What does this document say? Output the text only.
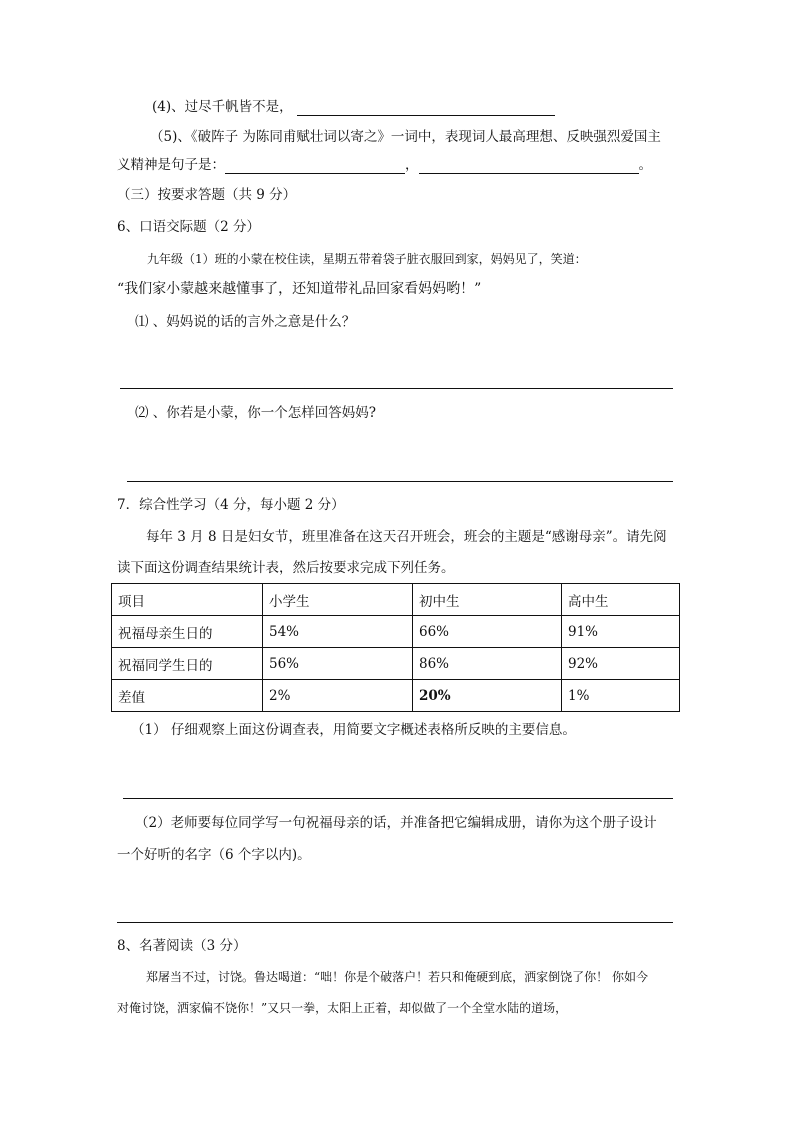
(4)、过尽千帆皆不是，
（5)、《破阵子 为陈同甫赋壮词以寄之》一词中，表现词人最高理想、反映强烈爱国主
义精神是句子是：	，	。
（三）按要求答题（共 9 分）
6、口语交际题（2 分）
九年级（1）班的小蒙在校住读，星期五带着袋子脏衣服回到家，妈妈见了，笑道：
“我们家小蒙越来越懂事了，还知道带礼品回家看妈妈哟！”
⑴ 、妈妈说的话的言外之意是什么？
⑵ 、你若是小蒙，你一个怎样回答妈妈?
7．综合性学习（4 分，每小题 2 分）
每年 3 月 8 日是妇女节，班里准备在这天召开班会，班会的主题是“感谢母亲”。请先阅
读下面这份调查结果统计表，然后按要求完成下列任务。
项目	小学生	初中生	高中生
祝福母亲生日的	54%	66%	91%
祝福同学生日的	56%	86%	92%
差值	2%	20%	1%
（1） 仔细观察上面这份调查表，用简要文字概述表格所反映的主要信息。
（2）老师要每位同学写一句祝福母亲的话，并准备把它编辑成册，请你为这个册子设计
一个好听的名字（6 个字以内)。
8、名著阅读（3 分）
郑屠当不过，讨饶。鲁达喝道：“咄！你是个破落户！若只和俺硬到底，洒家倒饶了你！ 你如今
对俺讨饶，洒家偏不饶你！”又只一拳，太阳上正着，却似做了一个全堂水陆的道场，
